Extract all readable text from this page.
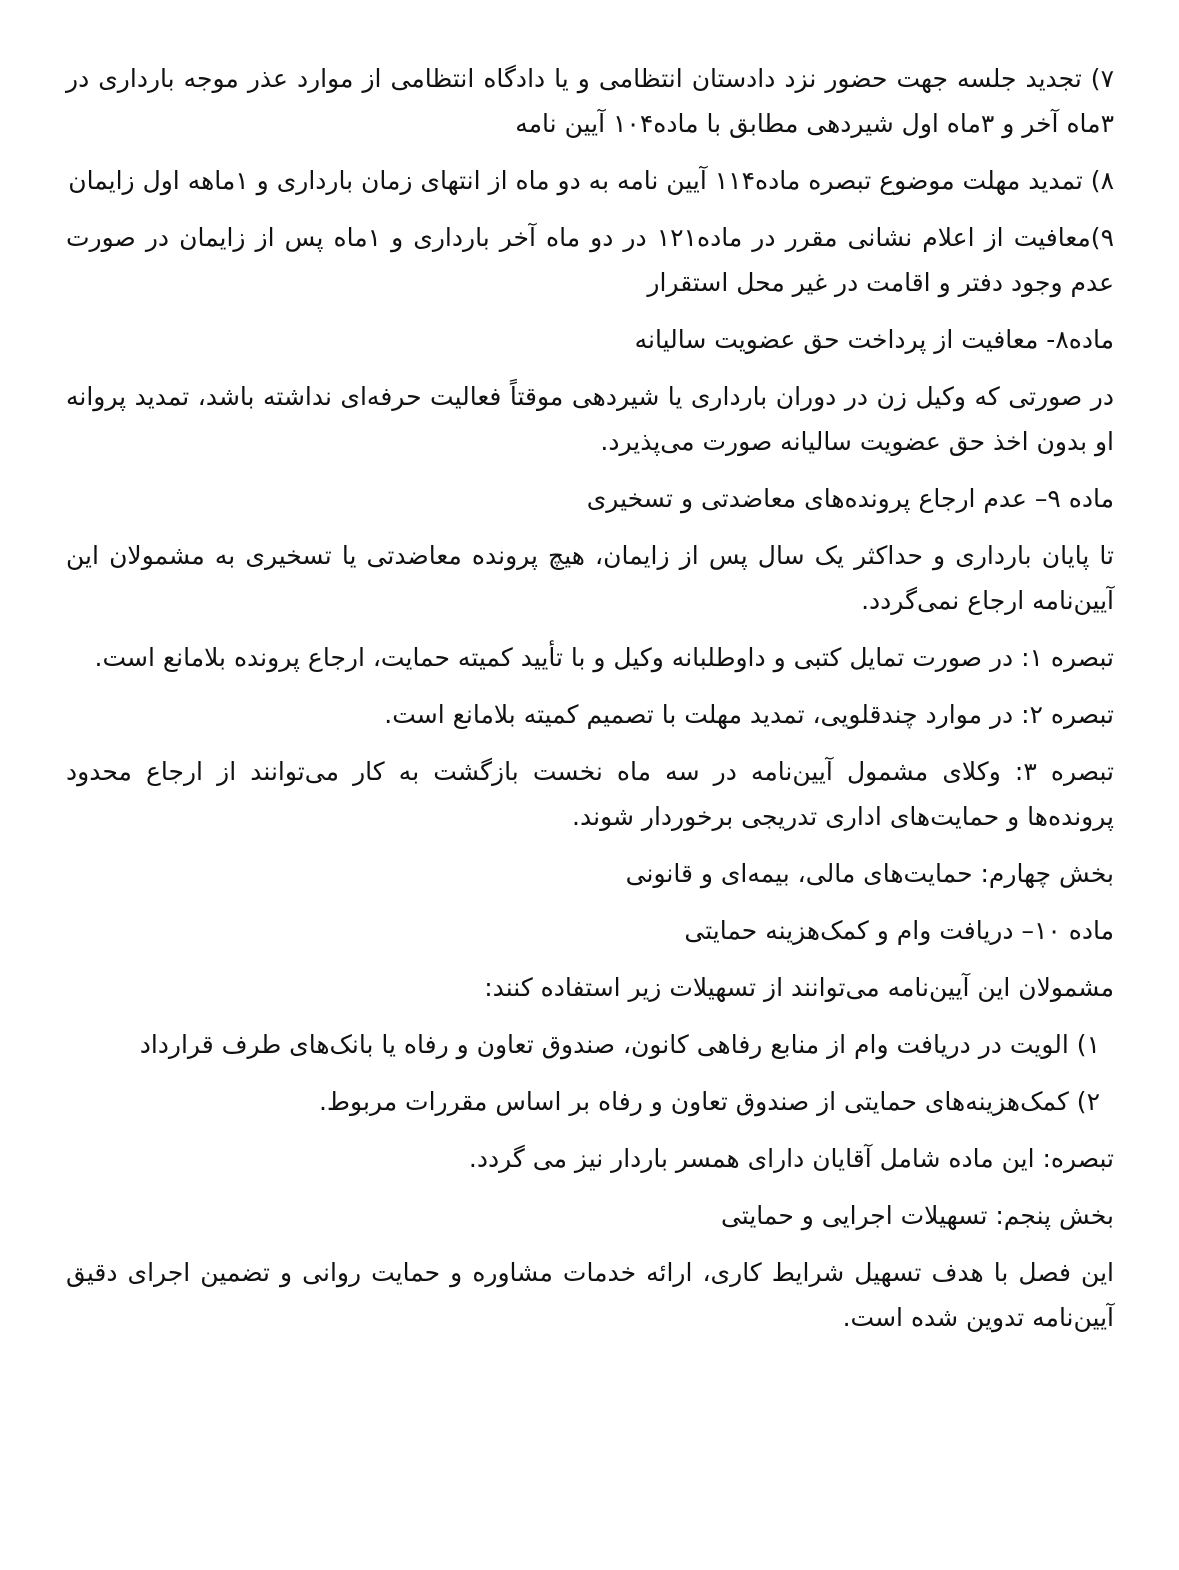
۷) تجدید جلسه جهت حضور نزد دادستان انتظامی و یا دادگاه انتظامی از موارد عذر موجه بارداری در ۳ماه آخر و ۳ماه اول شیردهی مطابق با ماده۱۰۴ آیین نامه

۸) تمدید مهلت موضوع تبصره ماده۱۱۴ آیین نامه به دو ماه از انتهای زمان بارداری و ۱ماهه اول زایمان

۹)معافیت از اعلام نشانی مقرر در ماده۱۲۱ در دو ماه آخر بارداری و ۱ماه پس از زایمان در صورت عدم وجود دفتر و اقامت در غیر محل استقرار

ماده۸- معافیت از پرداخت حق عضویت سالیانه

در صورتی که وکیل زن در دوران بارداری یا شیردهی موقتاً فعالیت حرفه‌ای نداشته باشد، تمدید پروانه او بدون اخذ حق عضویت سالیانه صورت می‌پذیرد.

ماده ۹– عدم ارجاع پرونده‌های معاضدتی و تسخیری

تا پایان بارداری و حداکثر یک سال پس از زایمان، هیچ پرونده معاضدتی یا تسخیری به مشمولان این آیین‌نامه ارجاع نمی‌گردد.

تبصره ۱: در صورت تمایل کتبی و داوطلبانه وکیل و با تأیید کمیته حمایت، ارجاع پرونده بلامانع است.

تبصره ۲: در موارد چندقلویی، تمدید مهلت با تصمیم کمیته بلامانع است.

تبصره ۳: وکلای مشمول آیین‌نامه در سه ماه نخست بازگشت به کار می‌توانند از ارجاع محدود پرونده‌ها و حمایت‌های اداری تدریجی برخوردار شوند.

بخش چهارم: حمایت‌های مالی، بیمه‌ای و قانونی

ماده ۱۰– دریافت وام و کمک‌هزینه حمایتی

مشمولان این آیین‌نامه می‌توانند از تسهیلات زیر استفاده کنند:

۱) الویت در دریافت وام از منابع رفاهی کانون، صندوق تعاون و رفاه یا بانک‌های طرف قرارداد

۲) کمک‌هزینه‌های حمایتی از صندوق تعاون و رفاه بر اساس مقررات مربوط.

تبصره: این ماده شامل آقایان دارای همسر باردار نیز می گردد.

بخش پنجم: تسهیلات اجرایی و حمایتی

این فصل با هدف تسهیل شرایط کاری، ارائه خدمات مشاوره و حمایت روانی و تضمین اجرای دقیق آیین‌نامه تدوین شده است.
